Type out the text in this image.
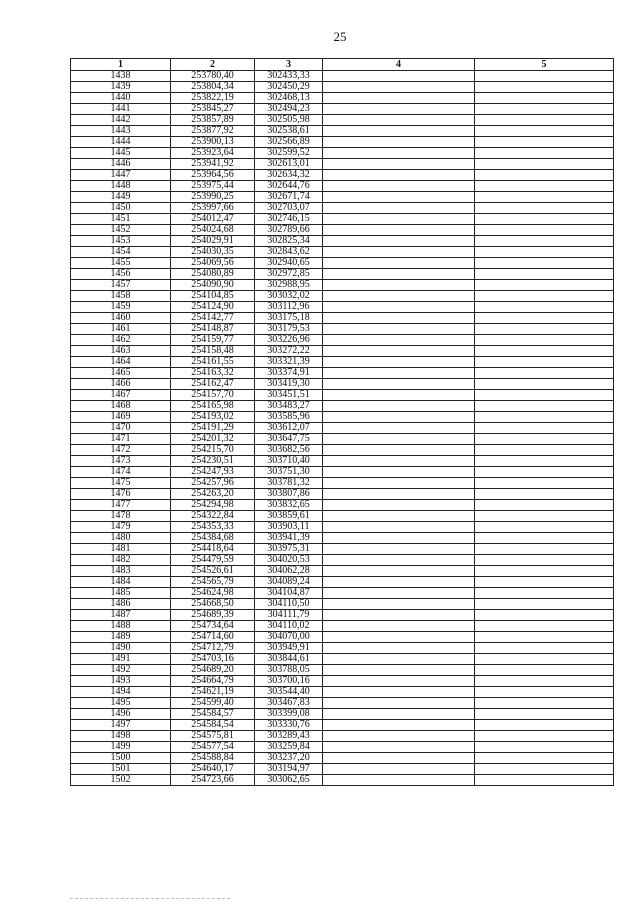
25
1	2	3	4	5
1438	253780,40	302433,33		
1439	253804,34	302450,29		
1440	253822,19	302468,13		
1441	253845,27	302494,23		
1442	253857,89	302505,98		
1443	253877,92	302538,61		
1444	253900,13	302566,89		
1445	253923,64	302599,52		
1446	253941,92	302613,01		
1447	253964,56	302634,32		
1448	253975,44	302644,76		
1449	253990,25	302671,74		
1450	253997,66	302703,07		
1451	254012,47	302746,15		
1452	254024,68	302789,66		
1453	254029,91	302825,34		
1454	254030,35	302843,62		
1455	254069,56	302940,65		
1456	254080,89	302972,85		
1457	254090,90	302988,95		
1458	254104,85	303032,02		
1459	254124,90	303112,96		
1460	254142,77	303175,18		
1461	254148,87	303179,53		
1462	254159,77	303226,96		
1463	254158,48	303272,22		
1464	254161,55	303321,39		
1465	254163,32	303374,91		
1466	254162,47	303419,30		
1467	254157,70	303451,51		
1468	254165,98	303483,27		
1469	254193,02	303585,96		
1470	254191,29	303612,07		
1471	254201,32	303647,75		
1472	254215,70	303682,56		
1473	254230,51	303710,40		
1474	254247,93	303751,30		
1475	254257,96	303781,32		
1476	254263,20	303807,86		
1477	254294,98	303832,65		
1478	254322,84	303859,61		
1479	254353,33	303903,11		
1480	254384,68	303941,39		
1481	254418,64	303975,31		
1482	254479,59	304020,53		
1483	254526,61	304062,28		
1484	254565,79	304089,24		
1485	254624,98	304104,87		
1486	254668,50	304110,50		
1487	254689,39	304111,79		
1488	254734,64	304110,02		
1489	254714,60	304070,00		
1490	254712,79	303949,91		
1491	254703,16	303844,61		
1492	254689,20	303788,05		
1493	254664,79	303700,16		
1494	254621,19	303544,40		
1495	254599,40	303467,83		
1496	254584,57	303399,08		
1497	254584,54	303330,76		
1498	254575,81	303289,43		
1499	254577,54	303259,84		
1500	254588,84	303237,20		
1501	254640,17	303194,97		
1502	254723,66	303062,65		
